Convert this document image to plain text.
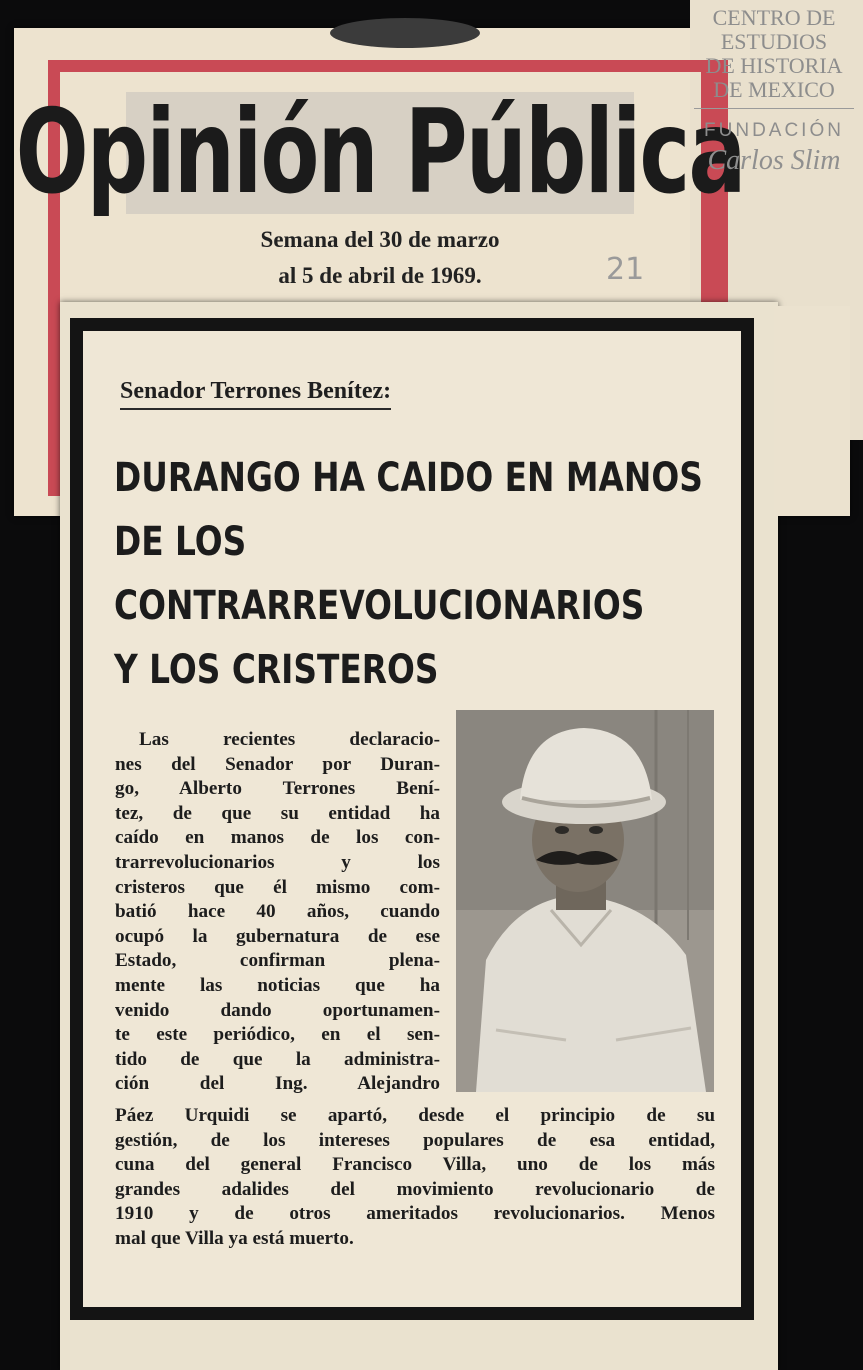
Opinión Pública
Semana del 30 de marzo
al 5 de abril de 1969.	21
CENTRO DE
ESTUDIOS
DE HISTORIA
DE MEXICO
FUNDACIÓN
Carlos Slim
Senador Terrones Benítez:
DURANGO HA CAIDO EN MANOS
DE LOS
CONTRARREVOLUCIONARIOS
Y LOS CRISTEROS
Las recientes declaracio-
nes del Senador por Duran-
go, Alberto Terrones Bení-
tez, de que su entidad ha
caído en manos de los con-
trarrevolucionarios y los
cristeros que él mismo com-
batió hace 40 años, cuando
ocupó la gubernatura de ese
Estado, confirman plena-
mente las noticias que ha
venido dando oportunamen-
te este periódico, en el sen-
tido de que la administra-
ción del Ing. Alejandro
Páez Urquidi se apartó, desde el principio de su
gestión, de los intereses populares de esa entidad,
cuna del general Francisco Villa, uno de los más
grandes adalides del movimiento revolucionario de
1910 y de otros ameritados revolucionarios. Menos
mal que Villa ya está muerto.
